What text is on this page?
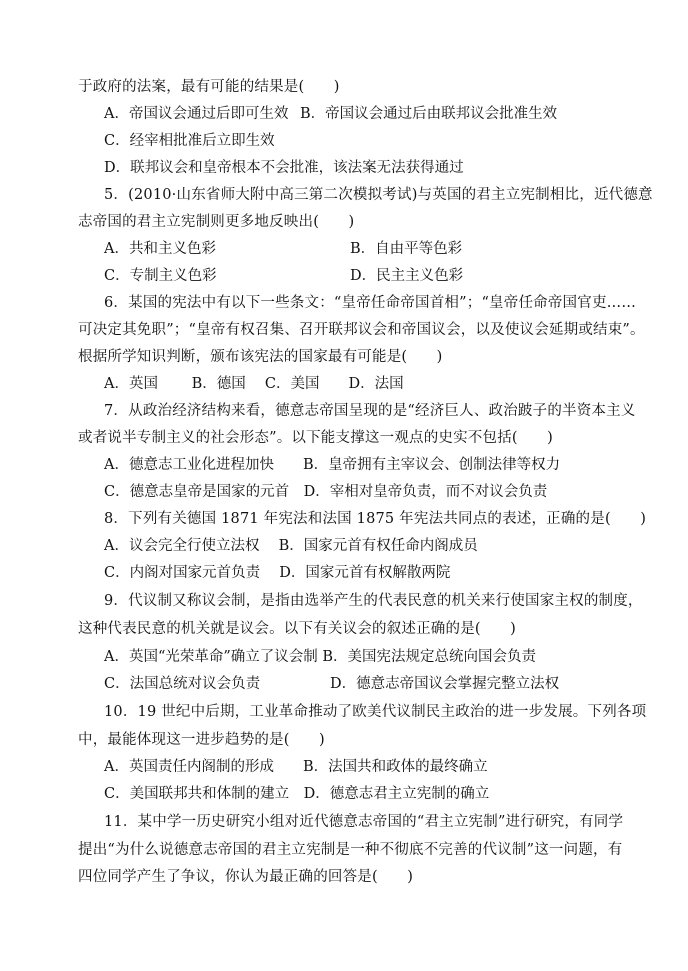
于政府的法案，最有可能的结果是(　　)
A．帝国议会通过后即可生效 B．帝国议会通过后由联邦议会批准生效
C．经宰相批准后立即生效
D．联邦议会和皇帝根本不会批准，该法案无法获得通过
5．(2010·山东省师大附中高三第二次模拟考试)与英国的君主立宪制相比，近代德意
志帝国的君主立宪制则更多地反映出(　　)
A．共和主义色彩	B．自由平等色彩
C．专制主义色彩	D．民主主义色彩
6．某国的宪法中有以下一些条文：“皇帝任命帝国首相”；“皇帝任命帝国官吏……
可决定其免职”；“皇帝有权召集、召开联邦议会和帝国议会，以及使议会延期或结束”。
根据所学知识判断，颁布该宪法的国家最有可能是(　　)
A．英国　　 B．德国　 C．美国　　D．法国
7．从政治经济结构来看，德意志帝国呈现的是“经济巨人、政治跛子的半资本主义
或者说半专制主义的社会形态”。以下能支撑这一观点的史实不包括(　　)
A．德意志工业化进程加快　　B．皇帝拥有主宰议会、创制法律等权力
C．德意志皇帝是国家的元首　D．宰相对皇帝负责，而不对议会负责
8．下列有关德国 1871 年宪法和法国 1875 年宪法共同点的表述，正确的是(　　)
A．议会完全行使立法权　 B．国家元首有权任命内阁成员
C．内阁对国家元首负责　 D．国家元首有权解散两院
9．代议制又称议会制，是指由选举产生的代表民意的机关来行使国家主权的制度，
这种代表民意的机关就是议会。以下有关议会的叙述正确的是(　　)
A．英国“光荣革命”确立了议会制 B．美国宪法规定总统向国会负责
C．法国总统对议会负责	D．德意志帝国议会掌握完整立法权
10．19 世纪中后期，工业革命推动了欧美代议制民主政治的进一步发展。下列各项
中，最能体现这一进步趋势的是(　　)
A．英国责任内阁制的形成　　B．法国共和政体的最终确立
C．美国联邦共和体制的建立　D．德意志君主立宪制的确立
11．某中学一历史研究小组对近代德意志帝国的“君主立宪制”进行研究，有同学
提出“为什么说德意志帝国的君主立宪制是一种不彻底不完善的代议制”这一问题，有
四位同学产生了争议，你认为最正确的回答是(　　)
